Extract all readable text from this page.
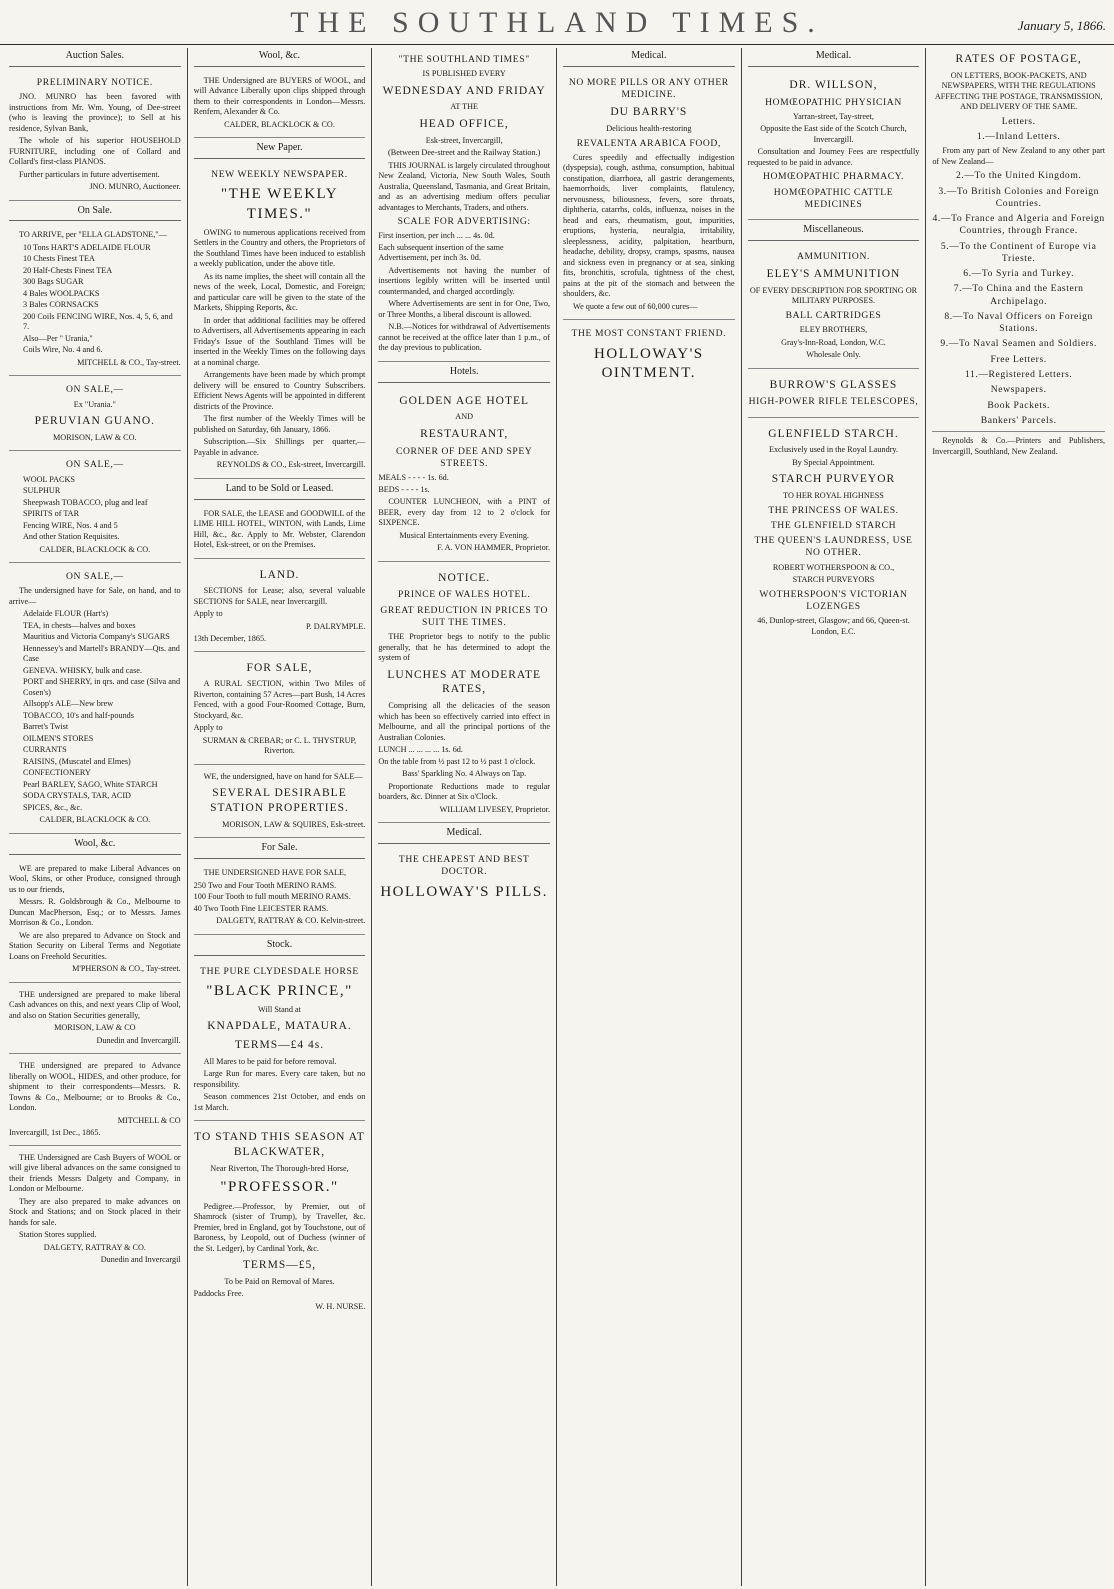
THE SOUTHLAND TIMES.	January 5, 1866.
Auction Sales.
PRELIMINARY NOTICE.
JNO. MUNRO has been favored with instructions from Mr. Wm. Young, of Dee-street (who is leaving the province); to Sell at his residence, Sylvan Bank,
The whole of his superior HOUSEHOLD FURNITURE, including one of Collard and Collard's first-class PIANOS.
Further particulars in future advertisement.
JNO. MUNRO, Auctioneer.
On Sale.
TO ARRIVE, per "ELLA GLADSTONE,"—
10 Tons HART'S ADELAIDE FLOUR
10 Chests Finest TEA
20 Half-Chests Finest TEA
300 Bags SUGAR
4 Bales WOOLPACKS
3 Bales CORNSACKS
200 Coils FENCING WIRE, Nos. 4, 5, 6, and 7.
Also—Per " Urania,"
Coils Wire, No. 4 and 6.
MITCHELL & CO., Tay-street.
ON SALE,—
Ex "Urania."
PERUVIAN GUANO.
MORISON, LAW & CO.
ON SALE,—
WOOL PACKS
SULPHUR
Sheepwash TOBACCO, plug and leaf
SPIRITS of TAR
Fencing WIRE, Nos. 4 and 5
And other Station Requisites.
CALDER, BLACKLOCK & CO.
ON SALE,—
The undersigned have for Sale, on hand, and to arrive—
Adelaide FLOUR (Hart's)
TEA, in chests—halves and boxes
Mauritius and Victoria Company's SUGARS
Hennessey's and Martell's BRANDY—Qts. and Case
GENEVA. WHISKY, bulk and case.
PORT and SHERRY, in qrs. and case (Silva and Cosen's)
Allsopp's ALE—New brew
TOBACCO, 10's and half-pounds
Barret's Twist
OILMEN'S STORES
CURRANTS
RAISINS, (Muscatel and Elmes)
CONFECTIONERY
Pearl BARLEY, SAGO, White STARCH
SODA CRYSTALS, TAR, ACID
SPICES, &c., &c.
CALDER, BLACKLOCK & CO.
Wool, &c.
WE are prepared to make Liberal Advances on Wool, Skins, or other Produce, consigned through us to our friends,
Messrs. R. Goldsbrough & Co., Melbourne to Duncan MacPherson, Esq.; or to Messrs. James Morrison & Co., London.
We are also prepared to Advance on Stock and Station Security on Liberal Terms and Negotiate Loans on Freehold Securities.
M'PHERSON & CO., Tay-street.
THE undersigned are prepared to make liberal Cash advances on this, and next years Clip of Wool, and also on Station Securities generally,
MORISON, LAW & CO
Dunedin and Invercargill.
THE undersigned are prepared to Advance liberally on WOOL, HIDES, and other produce, for shipment to their correspondents—Messrs. R. Towns & Co., Melbourne; or to Brooks & Co., London.
MITCHELL & CO
Invercargill, 1st Dec., 1865.
THE Undersigned are Cash Buyers of WOOL or will give liberal advances on the same consigned to their friends Messrs Dalgety and Company, in London or Melbourne.
They are also prepared to make advances on Stock and Stations; and on Stock placed in their hands for sale.
Station Stores supplied.
DALGETY, RATTRAY & CO.
Dunedin and Invercargil
Wool, &c.
THE Undersigned are BUYERS of WOOL, and will Advance Liberally upon clips shipped through them to their correspondents in London—Messrs. Renfern, Alexander & Co.
CALDER, BLACKLOCK & CO.
New Paper.
NEW WEEKLY NEWSPAPER.
"THE WEEKLY TIMES."
OWING to numerous applications received from Settlers in the Country and others, the Proprietors of the Southland Times have been induced to establish a weekly publication, under the above title.
As its name implies, the sheet will contain all the news of the week, Local, Domestic, and Foreign; and particular care will be given to the state of the Markets, Shipping Reports, &c.
In order that additional facilities may be offered to Advertisers, all Advertisements appearing in each Friday's Issue of the Southland Times will be inserted in the Weekly Times on the following days at a nominal charge.
Arrangements have been made by which prompt delivery will be ensured to Country Subscribers. Efficient News Agents will be appointed in different districts of the Province.
The first number of the Weekly Times will be published on Saturday, 6th January, 1866.
Subscription.—Six Shillings per quarter,—Payable in advance.
REYNOLDS & CO., Esk-street, Invercargill.
Land to be Sold or Leased.
FOR SALE, the LEASE and GOODWILL of the LIME HILL HOTEL, WINTON, with Lands, Lime Hill, &c., &c. Apply to Mr. Webster, Clarendon Hotel, Esk-street, or on the Premises.
LAND.
SECTIONS for Lease; also, several valuable SECTIONS for SALE, near Invercargill.
Apply to
P. DALRYMPLE.
13th December, 1865.
FOR SALE,
A RURAL SECTION, within Two Miles of Riverton, containing 57 Acres—part Bush, 14 Acres Fenced, with a good Four-Roomed Cottage, Burn, Stockyard, &c.
Apply to
SURMAN & CREBAR; or C. L. THYSTRUP, Riverton.
WE, the undersigned, have on hand for SALE—
SEVERAL DESIRABLE STATION PROPERTIES.
MORISON, LAW & SQUIRES, Esk-street.
For Sale.
THE UNDERSIGNED HAVE FOR SALE,
250 Two and Four Tooth MERINO RAMS.
100 Four Tooth to full mouth MERINO RAMS.
40 Two Tooth Fine LEICESTER RAMS.
DALGETY, RATTRAY & CO. Kelvin-street.
Stock.
THE PURE CLYDESDALE HORSE
"BLACK PRINCE,"
Will Stand at
KNAPDALE, MATAURA.
TERMS—£4 4s.
All Mares to be paid for before removal.
Large Run for mares. Every care taken, but no responsibility.
Season commences 21st October, and ends on 1st March.
TO STAND THIS SEASON AT BLACKWATER,
Near Riverton, The Thorough-bred Horse,
"PROFESSOR."
Pedigree.—Professor, by Premier, out of Shamrock (sister of Trump), by Traveller, &c. Premier, bred in England, got by Touchstone, out of Baroness, by Leopold, out of Duchess (winner of the St. Ledger), by Cardinal York, &c.
TERMS—£5,
To be Paid on Removal of Mares.
Paddocks Free.
W. H. NURSE.
"THE SOUTHLAND TIMES"
IS PUBLISHED EVERY
WEDNESDAY AND FRIDAY
AT THE
HEAD OFFICE,
Esk-street, Invercargill,
(Between Dee-street and the Railway Station.)
THIS JOURNAL is largely circulated throughout New Zealand, Victoria, New South Wales, South Australia, Queensland, Tasmania, and Great Britain, and as an advertising medium offers peculiar advantages to Merchants, Traders, and others.
SCALE FOR ADVERTISING:
First insertion, per inch ... ... 4s. 0d.
Each subsequent insertion of the same Advertisement, per inch 3s. 0d.
Advertisements not having the number of insertions legibly written will be inserted until countermanded, and charged accordingly.
Where Advertisements are sent in for One, Two, or Three Months, a liberal discount is allowed.
N.B.—Notices for withdrawal of Advertisements cannot be received at the office later than 1 p.m., of the day previous to publication.
Hotels.
GOLDEN AGE HOTEL
AND
RESTAURANT,
CORNER OF DEE AND SPEY STREETS.
MEALS - - - - 1s. 6d.
BEDS - - - - 1s.
COUNTER LUNCHEON, with a PINT of BEER, every day from 12 to 2 o'clock for SIXPENCE.
Musical Entertainments every Evening.
F. A. VON HAMMER, Proprietor.
NOTICE.
PRINCE OF WALES HOTEL.
GREAT REDUCTION IN PRICES TO SUIT THE TIMES.
THE Proprietor begs to notify to the public generally, that he has determined to adopt the system of
LUNCHES AT MODERATE RATES,
Comprising all the delicacies of the season which has been so effectively carried into effect in Melbourne, and all the principal portions of the Australian Colonies.
LUNCH ... ... ... ... 1s. 6d.
On the table from ½ past 12 to ½ past 1 o'clock.
Bass' Sparkling No. 4 Always on Tap.
Proportionate Reductions made to regular boarders, &c. Dinner at Six o'Clock.
WILLIAM LIVESEY, Proprietor.
Medical.
THE CHEAPEST AND BEST DOCTOR.
HOLLOWAY'S PILLS.
Medical.
NO MORE PILLS OR ANY OTHER MEDICINE.
DU BARRY'S
Delicious health-restoring
REVALENTA ARABICA FOOD,
Cures speedily and effectually indigestion (dyspepsia), cough, asthma, consumption, habitual constipation, diarrhoea, all gastric derangements, haemorrhoids, liver complaints, flatulency, nervousness, biliousness, fevers, sore throats, diphtheria, catarrhs, colds, influenza, noises in the head and ears, rheumatism, gout, impurities, eruptions, hysteria, neuralgia, irritability, sleeplessness, acidity, palpitation, heartburn, headache, debility, dropsy, cramps, spasms, nausea and sickness even in pregnancy or at sea, sinking fits, bronchitis, scrofula, tightness of the chest, pains at the pit of the stomach and between the shoulders, &c.
We quote a few out of 60,000 cures—
THE MOST CONSTANT FRIEND.
HOLLOWAY'S OINTMENT.
Medical.
DR. WILLSON,
HOMŒOPATHIC PHYSICIAN
Yarran-street, Tay-street,
Opposite the East side of the Scotch Church, Invercargill.
Consultation and Journey Fees are respectfully requested to be paid in advance.
HOMŒOPATHIC PHARMACY.
HOMŒOPATHIC CATTLE MEDICINES
Miscellaneous.
AMMUNITION.
ELEY'S AMMUNITION
OF EVERY DESCRIPTION FOR SPORTING OR MILITARY PURPOSES.
BALL CARTRIDGES
ELEY BROTHERS,
Gray's-Inn-Road, London, W.C.
Wholesale Only.
BURROW'S GLASSES
HIGH-POWER RIFLE TELESCOPES,
GLENFIELD STARCH.
Exclusively used in the Royal Laundry.
By Special Appointment.
STARCH PURVEYOR
TO HER ROYAL HIGHNESS
THE PRINCESS OF WALES.
THE GLENFIELD STARCH
THE QUEEN'S LAUNDRESS, USE NO OTHER.
ROBERT WOTHERSPOON & CO.,
STARCH PURVEYORS
WOTHERSPOON'S VICTORIAN LOZENGES
46, Dunlop-street, Glasgow; and 66, Queen-st. London, E.C.
RATES OF POSTAGE,
ON LETTERS, BOOK-PACKETS, AND NEWSPAPERS, WITH THE REGULATIONS AFFECTING THE POSTAGE, TRANSMISSION, AND DELIVERY OF THE SAME.
Letters.
1.—Inland Letters.
From any part of New Zealand to any other part of New Zealand—
2.—To the United Kingdom.
3.—To British Colonies and Foreign Countries.
4.—To France and Algeria and Foreign Countries, through France.
5.—To the Continent of Europe via Trieste.
6.—To Syria and Turkey.
7.—To China and the Eastern Archipelago.
8.—To Naval Officers on Foreign Stations.
9.—To Naval Seamen and Soldiers.
Free Letters.
11.—Registered Letters.
Newspapers.
Book Packets.
Bankers' Parcels.
Reynolds & Co.—Printers and Publishers, Invercargill, Southland, New Zealand.
